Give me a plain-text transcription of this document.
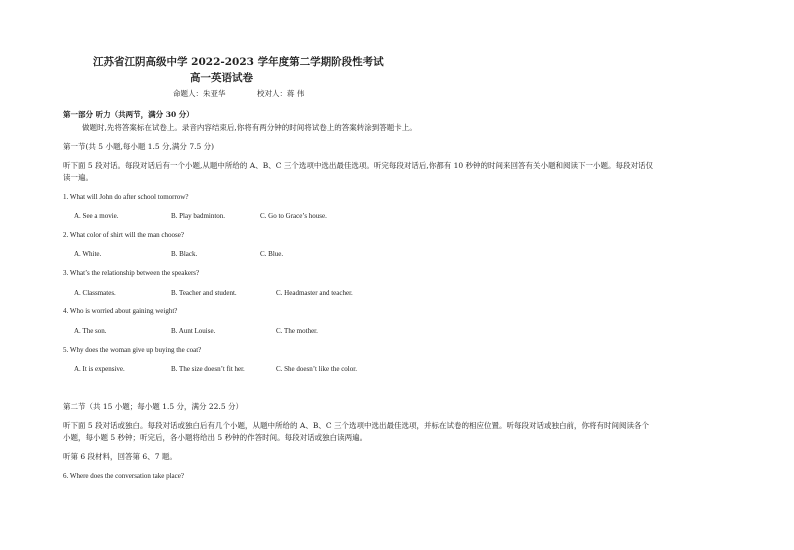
江苏省江阴高级中学 2022-2023 学年度第二学期阶段性考试
高一英语试卷
命题人：朱亚华	校对人：蒋 伟
第一部分 听力（共两节，满分 30 分）
做题时,先将答案标在试卷上。录音内容结束后,你将有两分钟的时间将试卷上的答案转涂到答题卡上。
第一节(共 5 小题,每小题 1.5 分,满分 7.5 分)
听下面 5 段对话。每段对话后有一个小题,从题中所给的 A、B、C 三个选项中选出最佳选项。听完每段对话后,你都有 10 秒钟的时间来回答有关小题和阅读下一小题。每段对话仅
读一遍。
1. What will John do after school tomorrow?
A. See a movie.	B. Play badminton.	C. Go to Grace’s house.
2. What color of shirt will the man choose?
A. White.	B. Black.	C. Blue.
3. What’s the relationship between the speakers?
A. Classmates.	B. Teacher and student.	C. Headmaster and teacher.
4. Who is worried about gaining weight?
A. The son.	B. Aunt Louise.	C. The mother.
5. Why does the woman give up buying the coat?
A. It is expensive.	B. The size doesn’t fit her.	C. She doesn’t like the color.
第二节（共 15 小题；每小题 1.5 分，满分 22.5 分）
听下面 5 段对话或独白。每段对话或独白后有几个小题，从题中所给的 A、B、C 三个选项中选出最佳选项，并标在试卷的相应位置。听每段对话或独白前，你将有时间阅读各个
小题，每小题 5 秒钟；听完后，各小题将给出 5 秒钟的作答时间。每段对话或独白读两遍。
听第 6 段材料，回答第 6、7 题。
6. Where does the conversation take place?
